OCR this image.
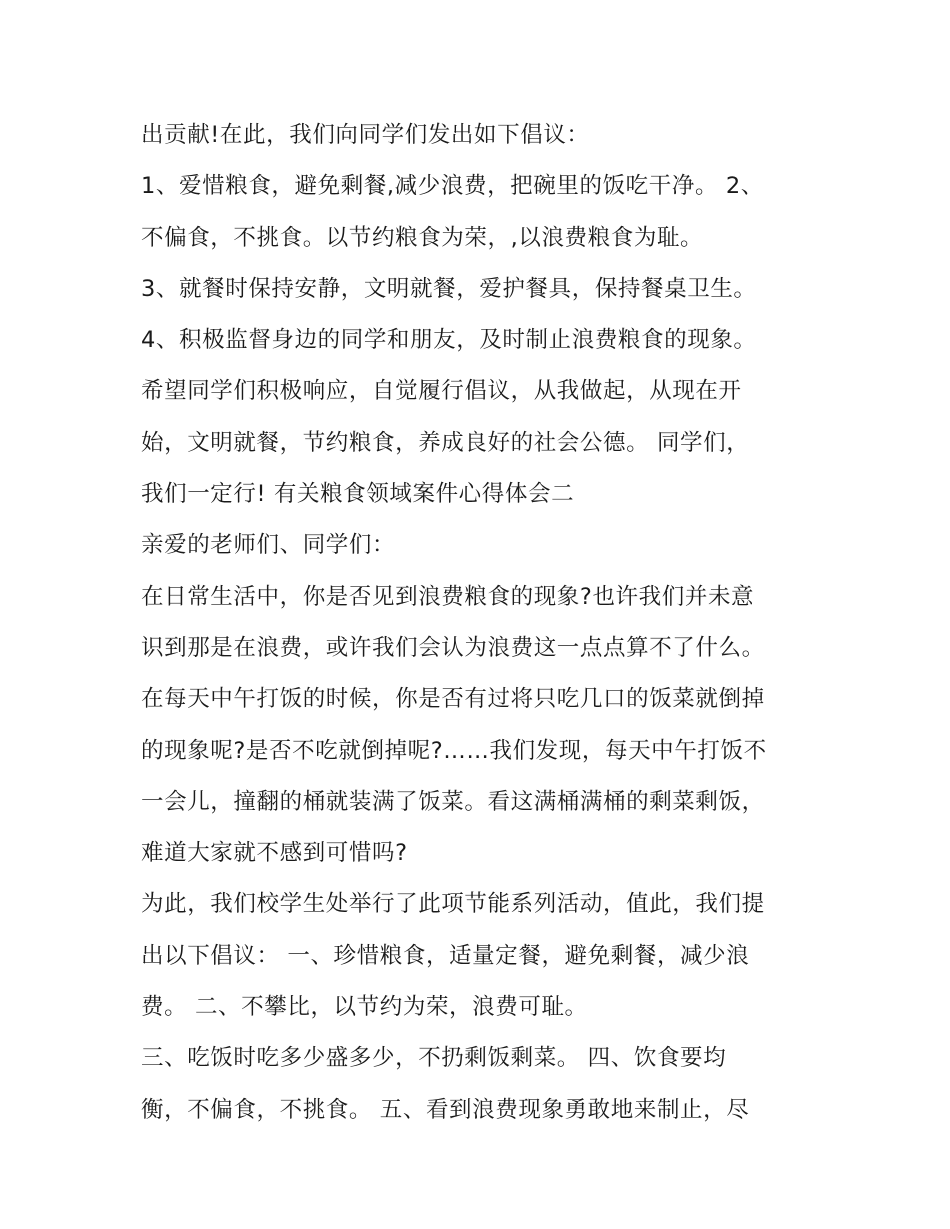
出贡献!在此，我们向同学们发出如下倡议：
1、爱惜粮食，避免剩餐,减少浪费，把碗里的饭吃干净。 2、
不偏食，不挑食。以节约粮食为荣，,以浪费粮食为耻。
3、就餐时保持安静，文明就餐，爱护餐具，保持餐桌卫生。
4、积极监督身边的同学和朋友，及时制止浪费粮食的现象。
希望同学们积极响应，自觉履行倡议，从我做起，从现在开
始，文明就餐，节约粮食，养成良好的社会公德。 同学们，
我们一定行! 有关粮食领域案件心得体会二
亲爱的老师们、同学们：
在日常生活中，你是否见到浪费粮食的现象?也许我们并未意
识到那是在浪费，或许我们会认为浪费这一点点算不了什么。
在每天中午打饭的时候，你是否有过将只吃几口的饭菜就倒掉
的现象呢?是否不吃就倒掉呢?……我们发现，每天中午打饭不
一会儿，撞翻的桶就装满了饭菜。看这满桶满桶的剩菜剩饭，
难道大家就不感到可惜吗?
为此，我们校学生处举行了此项节能系列活动，值此，我们提
出以下倡议： 一、珍惜粮食，适量定餐，避免剩餐，减少浪
费。 二、不攀比，以节约为荣，浪费可耻。
三、吃饭时吃多少盛多少，不扔剩饭剩菜。 四、饮食要均
衡，不偏食，不挑食。 五、看到浪费现象勇敢地来制止，尽
